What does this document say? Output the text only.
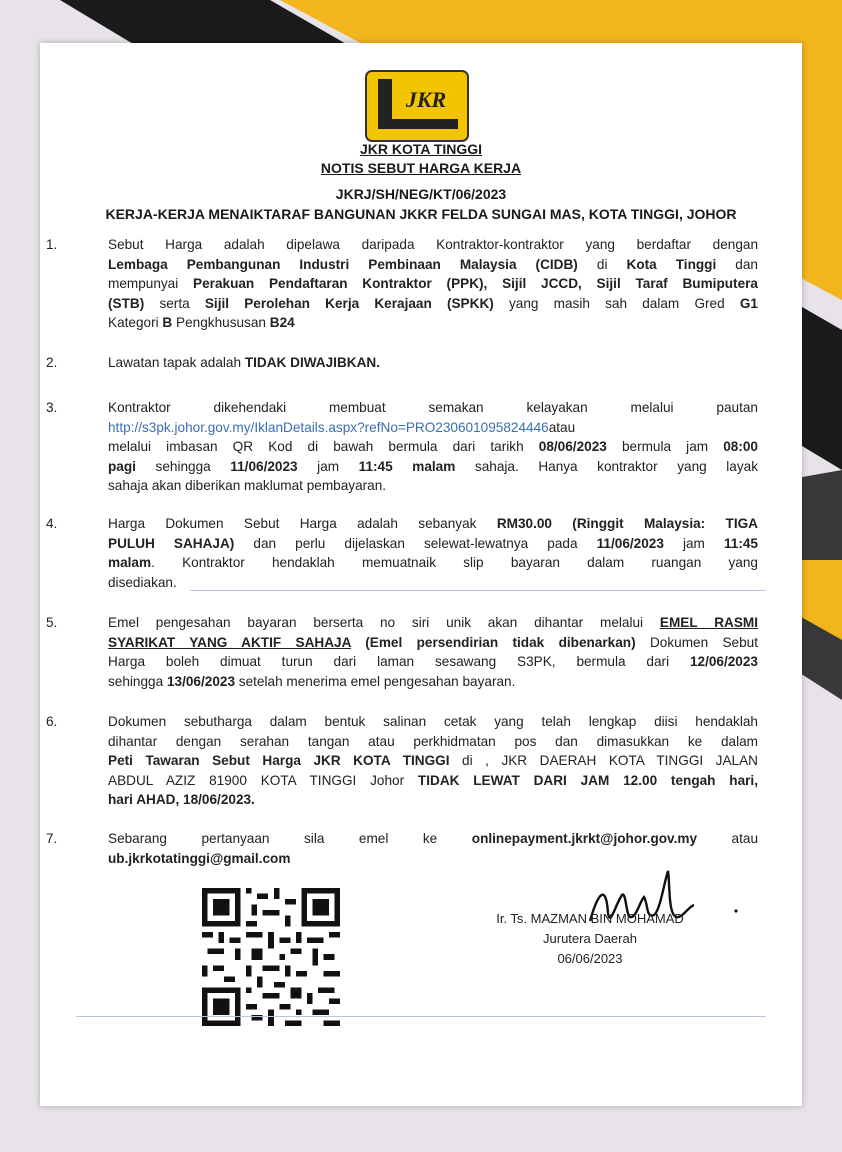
JKR
JKR KOTA TINGGI
NOTIS SEBUT HARGA KERJA
JKRJ/SH/NEG/KT/06/2023
KERJA-KERJA MENAIKTARAF BANGUNAN JKKR FELDA SUNGAI MAS, KOTA TINGGI, JOHOR
1.	Sebut Harga adalah dipelawa daripada Kontraktor-kontraktor yang berdaftar dengan
Lembaga Pembangunan Industri Pembinaan Malaysia (CIDB) di Kota Tinggi dan
mempunyai Perakuan Pendaftaran Kontraktor (PPK), Sijil JCCD, Sijil Taraf Bumiputera
(STB) serta Sijil Perolehan Kerja Kerajaan (SPKK) yang masih sah dalam Gred G1
Kategori B Pengkhususan B24
2.	Lawatan tapak adalah TIDAK DIWAJIBKAN.
3.	Kontraktor dikehendaki membuat semakan kelayakan melalui pautan
http://s3pk.johor.gov.my/IklanDetails.aspx?refNo=PRO230601095824446atau
melalui imbasan QR Kod di bawah bermula dari tarikh 08/06/2023 bermula jam 08:00
pagi sehingga 11/06/2023 jam 11:45 malam sahaja. Hanya kontraktor yang layak
sahaja akan diberikan maklumat pembayaran.
4.	Harga Dokumen Sebut Harga adalah sebanyak RM30.00 (Ringgit Malaysia: TIGA
PULUH SAHAJA) dan perlu dijelaskan selewat-lewatnya pada 11/06/2023 jam 11:45
malam. Kontraktor hendaklah memuatnaik slip bayaran dalam ruangan yang
disediakan.
5.	Emel pengesahan bayaran berserta no siri unik akan dihantar melalui EMEL RASMI
SYARIKAT YANG AKTIF SAHAJA (Emel persendirian tidak dibenarkan) Dokumen Sebut
Harga boleh dimuat turun dari laman sesawang S3PK, bermula dari 12/06/2023
sehingga 13/06/2023 setelah menerima emel pengesahan bayaran.
6.	Dokumen sebutharga dalam bentuk salinan cetak yang telah lengkap diisi hendaklah
dihantar dengan serahan tangan atau perkhidmatan pos dan dimasukkan ke dalam
Peti Tawaran Sebut Harga JKR KOTA TINGGI di , JKR DAERAH KOTA TINGGI JALAN
ABDUL AZIZ 81900 KOTA TINGGI Johor TIDAK LEWAT DARI JAM 12.00 tengah hari,
hari AHAD, 18/06/2023.
7.	Sebarang pertanyaan sila emel ke onlinepayment.jkrkt@johor.gov.my atau
ub.jkrkotatinggi@gmail.com
Ir. Ts. MAZMAN BIN MOHAMAD
Jurutera Daerah
06/06/2023
